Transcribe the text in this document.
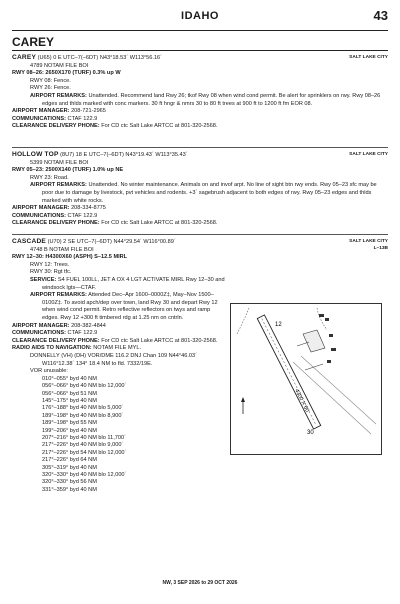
IDAHO	43
CAREY
SALT LAKE CITY

CAREY (U65) 0 E UTC–7(–6DT) N43°18.53´ W113°56.16´

4789 NOTAM FILE BOI

RWY 08–26: 2650X170 (TURF) 0.3% up W

RWY 08: Fence.

RWY 26: Fence.

AIRPORT REMARKS: Unattended. Recommend land Rwy 26; tkof Rwy 08 when wind cond permit. Be alert for sprinklers on rwy. Rwy 08–26 edges and thlds marked with conc markers. 30 ft hngr & nmrs 30 to 80 ft trees at 900 ft to 1200 ft fm EOR 08.

AIRPORT MANAGER: 208-721-2965

COMMUNICATIONS: CTAF 122.9

CLEARANCE DELIVERY PHONE: For CD ctc Salt Lake ARTCC at 801-320-2568.

SALT LAKE CITY

HOLLOW TOP (8U7) 18 E UTC–7(–6DT) N43°19.43´ W113°35.43´

5399 NOTAM FILE BOI

RWY 05–23: 2500X140 (TURF) 1.0% up NE

RWY 23: Road.

AIRPORT REMARKS: Unattended. No winter maintenance. Animals on and invof arpt. No line of sight btn rwy ends. Rwy 05–23 sfc may be poor due to damage by livestock, pvt vehicles and rodents. +3´ sagebrush adjacent to both edges of rwy. Rwy 05–23 edges and thlds marked with white rocks.

AIRPORT MANAGER: 208-334-8775

COMMUNICATIONS: CTAF 122.9

CLEARANCE DELIVERY PHONE: For CD ctc Salt Lake ARTCC at 801-320-2568.

SALT LAKE CITY
L–13B

CASCADE (U70) 2 SE UTC–7(–6DT) N44°29.54´ W116°00.89´

4748 B NOTAM FILE BOI

RWY 12–30: H4300X60 (ASPH) S–12.5 MIRL

RWY 12: Trees.

RWY 30: Rgt tfc.

SERVICE: S4 FUEL 100LL, JET A OX 4 LGT ACTIVATE MIRL Rwy 12–30 and windsock lgts—CTAF.

AIRPORT REMARKS: Attended Dec–Apr 1600–0000Z‡, May–Nov 1500–0100Z‡. To avoid apch/dep over town, land Rwy 30 and depart Rwy 12 when wind cond permit. Retro reflective reflectors on twys and ramp edges. Rwy 12 +300 ft timbered rdg at 1.25 nm on cntrln.

AIRPORT MANAGER: 208-382-4844

COMMUNICATIONS: CTAF 122.9

CLEARANCE DELIVERY PHONE: For CD ctc Salt Lake ARTCC at 801-320-2568.

RADIO AIDS TO NAVIGATION: NOTAM FILE MYL.

DONNELLY (VH) (DH) VOR/DME 116.2 DNJ Chan 109 N44°46.03´

W116°12.38´ 134° 18.4 NM to fld. 7332/19E.

VOR unusable:

010°–055° byd 40 NM

056°–066° byd 40 NM blo 12,000´

056°–066° byd 51 NM

145°–175° byd 40 NM

176°–188° byd 40 NM blo 5,000´

189°–198° byd 40 NM blo 8,900´

189°–198° byd 55 NM

199°–206° byd 40 NM

207°–216° byd 40 NM blo 11,700´

217°–226° byd 40 NM blo 9,000´

217°–226° byd 54 NM blo 12,000´

217°–226° byd 64 NM

305°–319° byd 40 NM

320°–330° byd 40 NM blo 12,000´

320°–330° byd 56 NM

331°–359° byd 40 NM

12
30
4300 X 60
NW, 3 SEP 2026 to 29 OCT 2026
